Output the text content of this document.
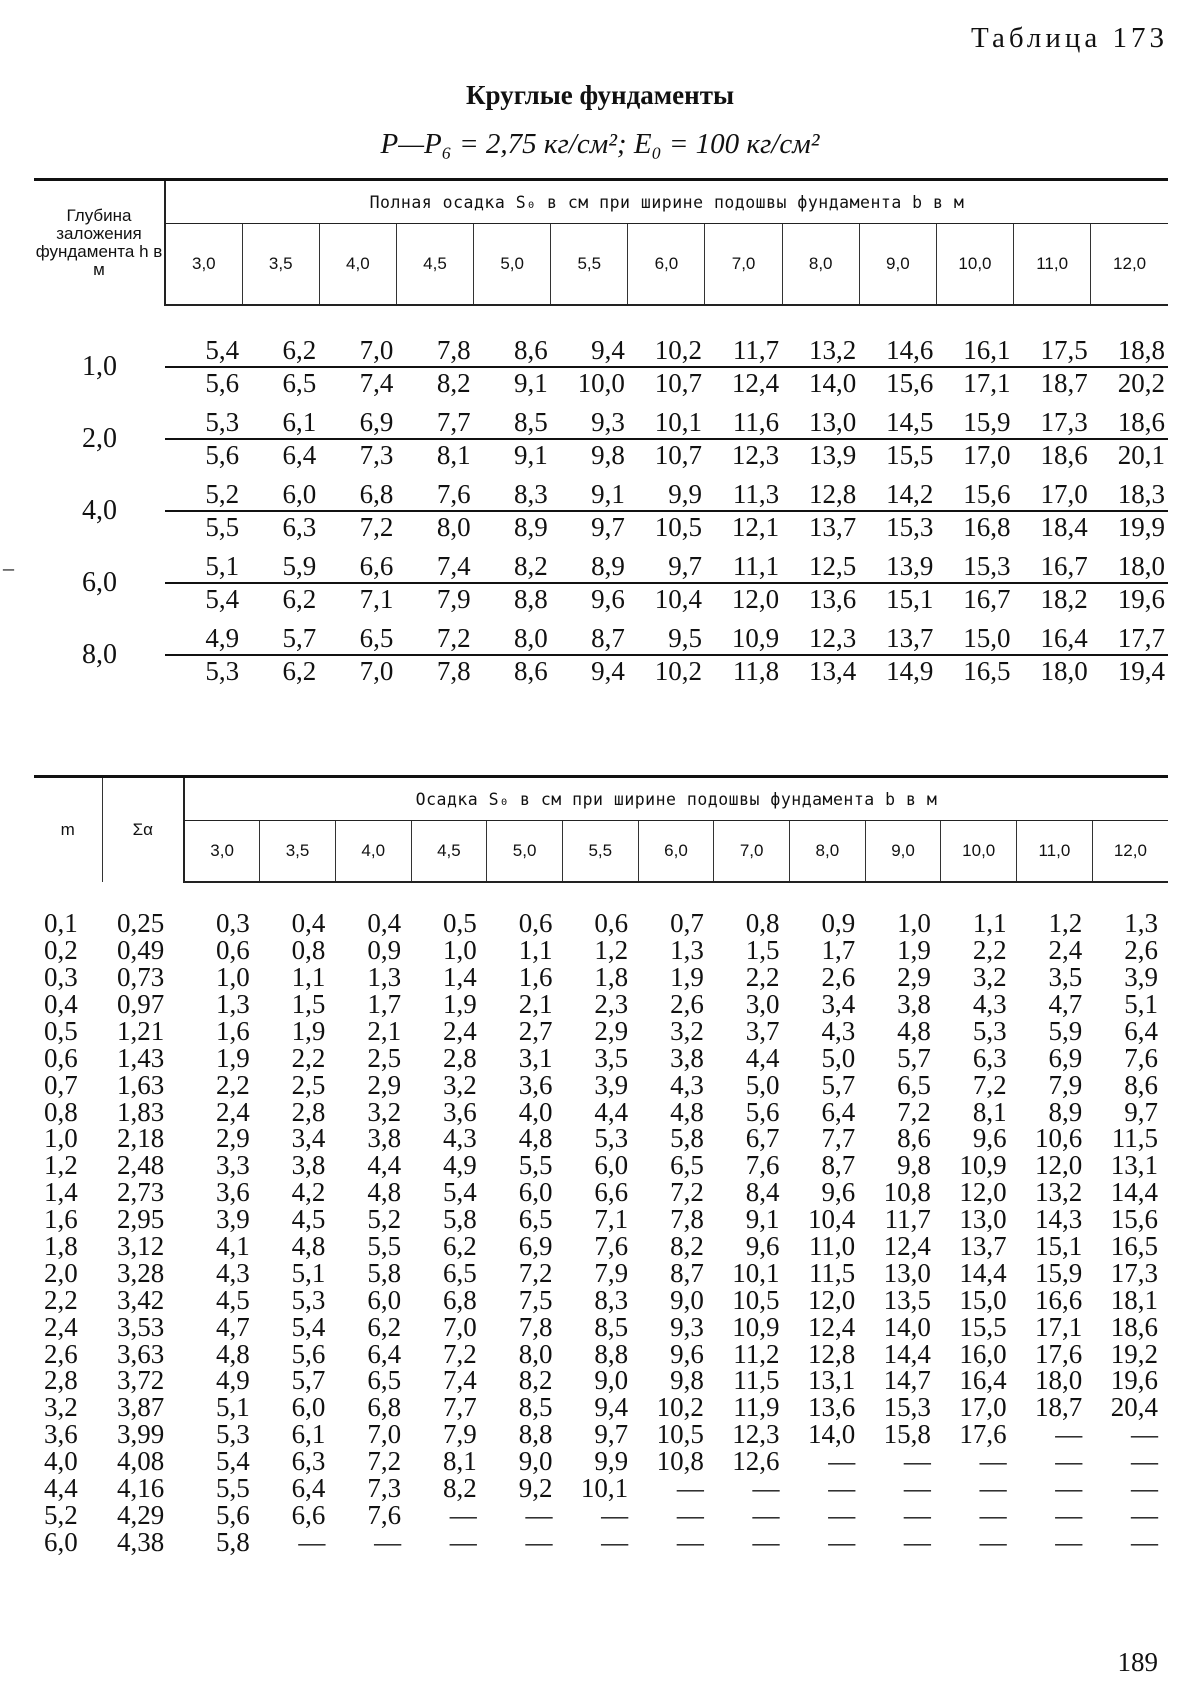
Таблица 173
Круглые фундаменты
P—P₆ = 2,75 кг/см²; E₀ = 100 кг/см²
–
Глубина заложения фундамента h в м	Полная осадка S₀ в см при ширине подошвы фундамента b в м												
	3,0	3,5	4,0	4,5	5,0	5,5	6,0	7,0	8,0	9,0	10,0	11,0	12,0

1,0	5,4	6,2	7,0	7,8	8,6	9,4	10,2	11,7	13,2	14,6	16,1	17,5	18,8
	5,6	6,5	7,4	8,2	9,1	10,0	10,7	12,4	14,0	15,6	17,1	18,7	20,2
2,0	5,3	6,1	6,9	7,7	8,5	9,3	10,1	11,6	13,0	14,5	15,9	17,3	18,6
	5,6	6,4	7,3	8,1	9,1	9,8	10,7	12,3	13,9	15,5	17,0	18,6	20,1
4,0	5,2	6,0	6,8	7,6	8,3	9,1	9,9	11,3	12,8	14,2	15,6	17,0	18,3
	5,5	6,3	7,2	8,0	8,9	9,7	10,5	12,1	13,7	15,3	16,8	18,4	19,9
6,0	5,1	5,9	6,6	7,4	8,2	8,9	9,7	11,1	12,5	13,9	15,3	16,7	18,0
	5,4	6,2	7,1	7,9	8,8	9,6	10,4	12,0	13,6	15,1	16,7	18,2	19,6
8,0	4,9	5,7	6,5	7,2	8,0	8,7	9,5	10,9	12,3	13,7	15,0	16,4	17,7
	5,3	6,2	7,0	7,8	8,6	9,4	10,2	11,8	13,4	14,9	16,5	18,0	19,4
m	Σα	Осадка S₀ в см при ширине подошвы фундамента b в м												
		3,0	3,5	4,0	4,5	5,0	5,5	6,0	7,0	8,0	9,0	10,0	11,0	12,0

0,1	0,25	0,3	0,4	0,4	0,5	0,6	0,6	0,7	0,8	0,9	1,0	1,1	1,2	1,3
0,2	0,49	0,6	0,8	0,9	1,0	1,1	1,2	1,3	1,5	1,7	1,9	2,2	2,4	2,6
0,3	0,73	1,0	1,1	1,3	1,4	1,6	1,8	1,9	2,2	2,6	2,9	3,2	3,5	3,9
0,4	0,97	1,3	1,5	1,7	1,9	2,1	2,3	2,6	3,0	3,4	3,8	4,3	4,7	5,1
0,5	1,21	1,6	1,9	2,1	2,4	2,7	2,9	3,2	3,7	4,3	4,8	5,3	5,9	6,4
0,6	1,43	1,9	2,2	2,5	2,8	3,1	3,5	3,8	4,4	5,0	5,7	6,3	6,9	7,6
0,7	1,63	2,2	2,5	2,9	3,2	3,6	3,9	4,3	5,0	5,7	6,5	7,2	7,9	8,6
0,8	1,83	2,4	2,8	3,2	3,6	4,0	4,4	4,8	5,6	6,4	7,2	8,1	8,9	9,7
1,0	2,18	2,9	3,4	3,8	4,3	4,8	5,3	5,8	6,7	7,7	8,6	9,6	10,6	11,5
1,2	2,48	3,3	3,8	4,4	4,9	5,5	6,0	6,5	7,6	8,7	9,8	10,9	12,0	13,1
1,4	2,73	3,6	4,2	4,8	5,4	6,0	6,6	7,2	8,4	9,6	10,8	12,0	13,2	14,4
1,6	2,95	3,9	4,5	5,2	5,8	6,5	7,1	7,8	9,1	10,4	11,7	13,0	14,3	15,6
1,8	3,12	4,1	4,8	5,5	6,2	6,9	7,6	8,2	9,6	11,0	12,4	13,7	15,1	16,5
2,0	3,28	4,3	5,1	5,8	6,5	7,2	7,9	8,7	10,1	11,5	13,0	14,4	15,9	17,3
2,2	3,42	4,5	5,3	6,0	6,8	7,5	8,3	9,0	10,5	12,0	13,5	15,0	16,6	18,1
2,4	3,53	4,7	5,4	6,2	7,0	7,8	8,5	9,3	10,9	12,4	14,0	15,5	17,1	18,6
2,6	3,63	4,8	5,6	6,4	7,2	8,0	8,8	9,6	11,2	12,8	14,4	16,0	17,6	19,2
2,8	3,72	4,9	5,7	6,5	7,4	8,2	9,0	9,8	11,5	13,1	14,7	16,4	18,0	19,6
3,2	3,87	5,1	6,0	6,8	7,7	8,5	9,4	10,2	11,9	13,6	15,3	17,0	18,7	20,4
3,6	3,99	5,3	6,1	7,0	7,9	8,8	9,7	10,5	12,3	14,0	15,8	17,6	—	—
4,0	4,08	5,4	6,3	7,2	8,1	9,0	9,9	10,8	12,6	—	—	—	—	—
4,4	4,16	5,5	6,4	7,3	8,2	9,2	10,1	—	—	—	—	—	—	—
5,2	4,29	5,6	6,6	7,6	—	—	—	—	—	—	—	—	—	—
6,0	4,38	5,8	—	—	—	—	—	—	—	—	—	—	—	—
189
